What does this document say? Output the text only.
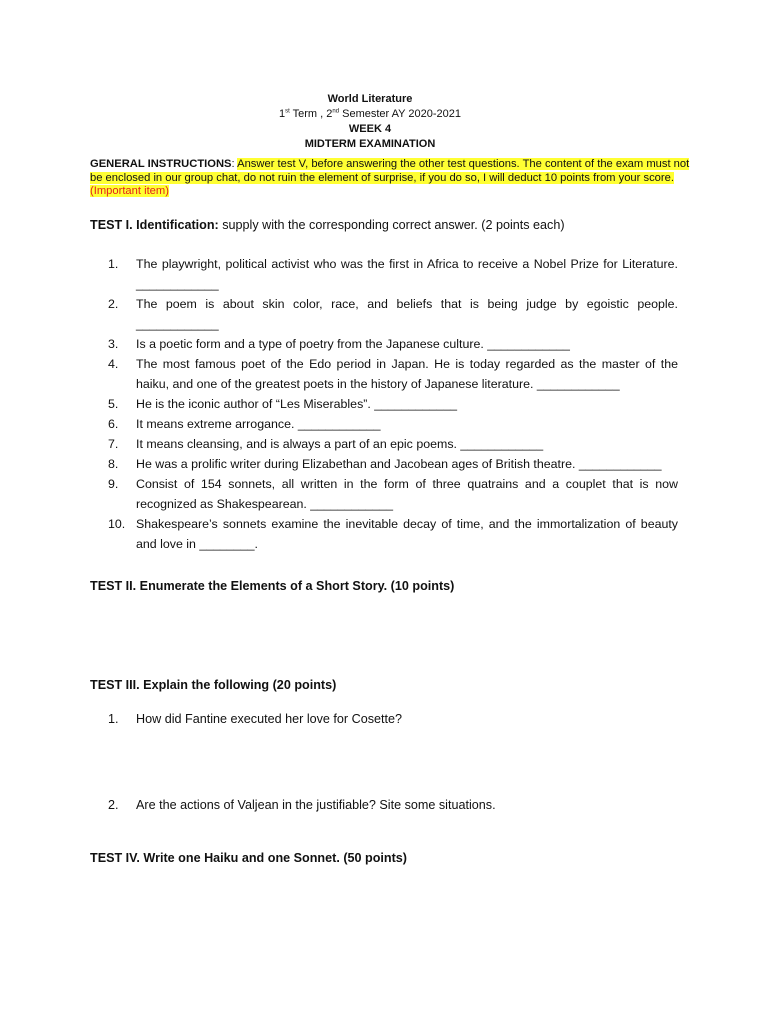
World Literature
1st Term , 2nd Semester AY 2020-2021
WEEK 4
MIDTERM EXAMINATION
GENERAL INSTRUCTIONS: Answer test V, before answering the other test questions. The content of the exam must not be enclosed in our group chat, do not ruin the element of surprise, if you do so, I will deduct 10 points from your score. (Important item)
TEST I. Identification: supply with the corresponding correct answer. (2 points each)
1.	The playwright, political activist who was the first in Africa to receive a Nobel Prize for Literature. ____________
2.	The poem is about skin color, race, and beliefs that is being judge by egoistic people. ____________
3.	Is a poetic form and a type of poetry from the Japanese culture. ____________
4.	The most famous poet of the Edo period in Japan. He is today regarded as the master of the haiku, and one of the greatest poets in the history of Japanese literature. ____________
5.	He is the iconic author of “Les Miserables”. ____________
6.	It means extreme arrogance. ____________
7.	It means cleansing, and is always a part of an epic poems. ____________
8.	He was a prolific writer during Elizabethan and Jacobean ages of British theatre. ____________
9.	Consist of 154 sonnets, all written in the form of three quatrains and a couplet that is now recognized as Shakespearean. ____________
10. Shakespeare’s sonnets examine the inevitable decay of time, and the immortalization of beauty and love in ________.
TEST II. Enumerate the Elements of a Short Story. (10 points)
TEST III. Explain the following (20 points)
1. How did Fantine executed her love for Cosette?
2. Are the actions of Valjean in the justifiable? Site some situations.
TEST IV. Write one Haiku and one Sonnet. (50 points)
